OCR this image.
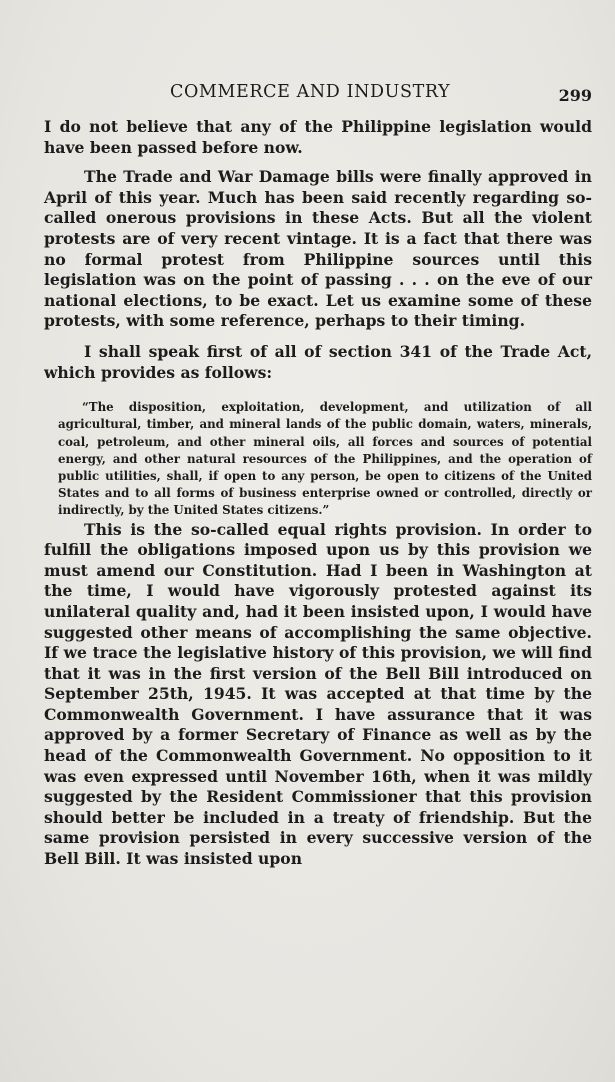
COMMERCE AND INDUSTRY	299

I do not believe that any of the Philippine legislation would have been passed before now.

The Trade and War Damage bills were finally approved in April of this year. Much has been said recently regarding so-called onerous provisions in these Acts. But all the violent protests are of very recent vintage. It is a fact that there was no formal protest from Philippine sources until this legislation was on the point of passing . . . on the eve of our national elections, to be exact. Let us examine some of these protests, with some reference, perhaps to their timing.

I shall speak first of all of section 341 of the Trade Act, which provides as follows:

“The disposition, exploitation, development, and utilization of all agricultural, timber, and mineral lands of the public domain, waters, minerals, coal, petroleum, and other mineral oils, all forces and sources of potential energy, and other natural resources of the Philippines, and the operation of public utilities, shall, if open to any person, be open to citizens of the United States and to all forms of business enterprise owned or controlled, directly or indirectly, by the United States citizens.”

This is the so-called equal rights provision. In order to fulfill the obligations imposed upon us by this provision we must amend our Constitution. Had I been in Washington at the time, I would have vigorously protested against its unilateral quality and, had it been insisted upon, I would have suggested other means of accomplishing the same objective. If we trace the legislative history of this provision, we will find that it was in the first version of the Bell Bill introduced on September 25th, 1945. It was accepted at that time by the Commonwealth Government. I have assurance that it was approved by a former Secretary of Finance as well as by the head of the Commonwealth Government. No opposition to it was even expressed until November 16th, when it was mildly suggested by the Resident Commissioner that this provision should better be included in a treaty of friendship. But the same provision persisted in every successive version of the Bell Bill. It was insisted upon
